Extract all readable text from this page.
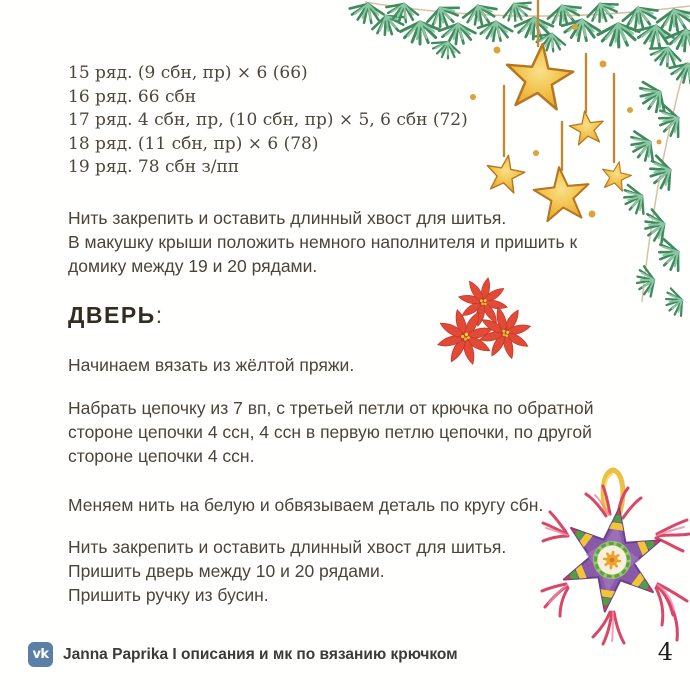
15 ряд. (9 сбн, пр) × 6 (66)
16 ряд. 66 сбн
17 ряд. 4 сбн, пр, (10 сбн, пр) × 5, 6 сбн (72)
18 ряд. (11 сбн, пр) × 6 (78)
19 ряд. 78 сбн з/пп
Нить закрепить и оставить длинный хвост для шитья.
В макушку крыши положить немного наполнителя и пришить к
домику между 19 и 20 рядами.
ДВЕРЬ:
Начинаем вязать из жёлтой пряжи.
Набрать цепочку из 7 вп, с третьей петли от крючка по обратной
стороне цепочки 4 ссн, 4 ссн в первую петлю цепочки, по другой
стороне цепочки 4 ссн.
Меняем нить на белую и обвязываем деталь по кругу сбн.
Нить закрепить и оставить длинный хвост для шитья.
Пришить дверь между 10 и 20 рядами.
Пришить ручку из бусин.
vk Janna Paprika I описания и мк по вязанию крючком	4
